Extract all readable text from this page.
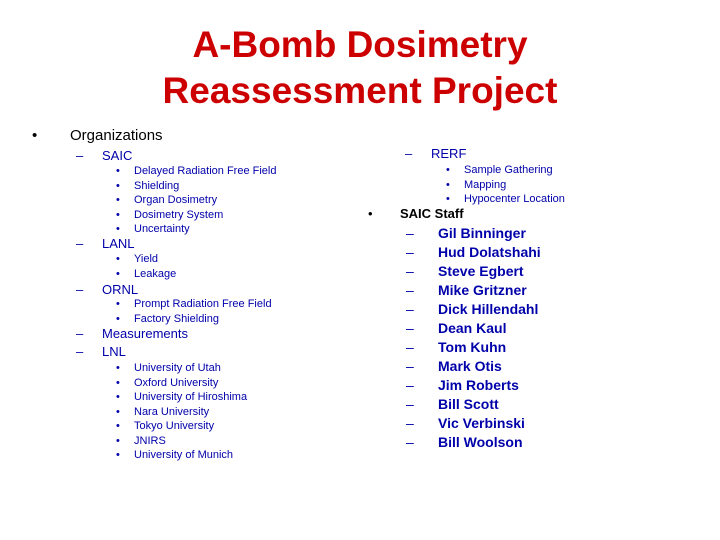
A-Bomb Dosimetry
Reassessment Project
• Organizations
– SAIC
• Delayed Radiation Free Field
• Shielding
• Organ Dosimetry
• Dosimetry System
• Uncertainty
– LANL
• Yield
• Leakage
– ORNL
• Prompt Radiation Free Field
• Factory Shielding
– Measurements
– LNL
• University of Utah
• Oxford University
• University of Hiroshima
• Nara University
• Tokyo University
• JNIRS
• University of Munich
– RERF
• Sample Gathering
• Mapping
• Hypocenter Location
• SAIC Staff
– Gil Binninger
– Hud Dolatshahi
– Steve Egbert
– Mike Gritzner
– Dick Hillendahl
– Dean Kaul
– Tom Kuhn
– Mark Otis
– Jim Roberts
– Bill Scott
– Vic Verbinski
– Bill Woolson
